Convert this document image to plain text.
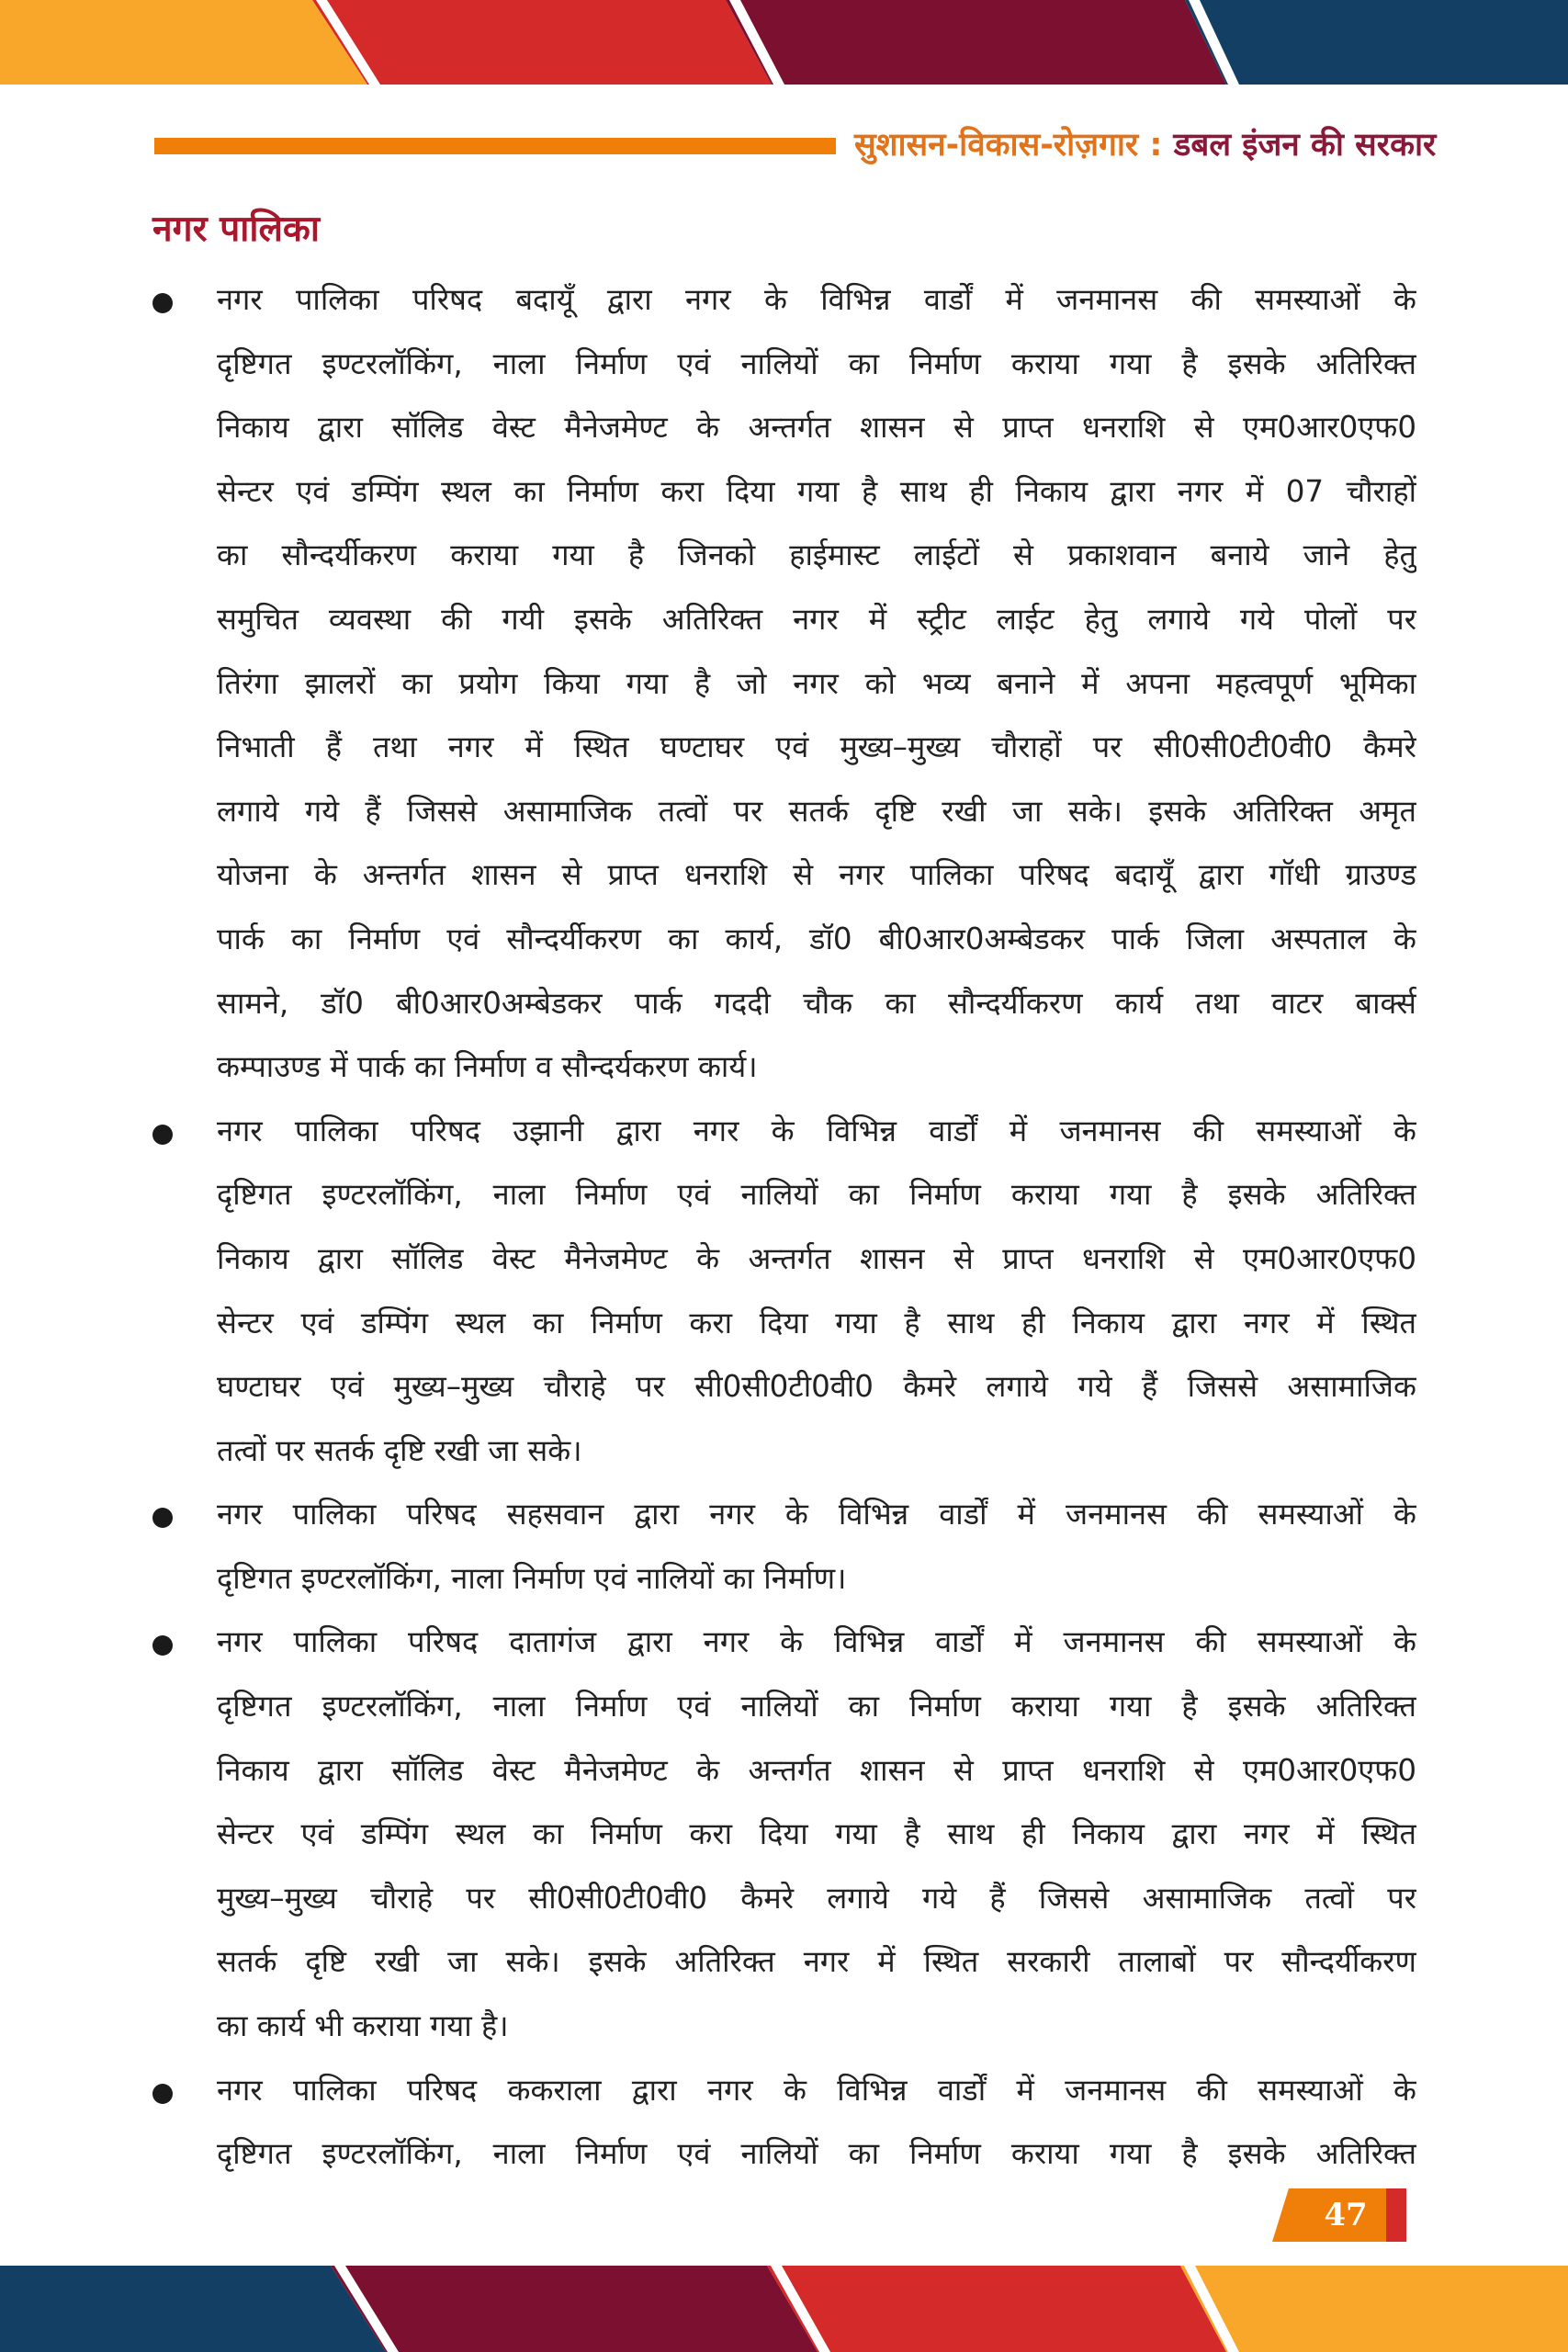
सुशासन-विकास-रोज़गार : डबल इंजन की सरकार
नगर पालिका
नगर पालिका परिषद बदायूँ द्वारा नगर के विभिन्न वार्डों में जनमानस की समस्याओं के
दृष्टिगत इण्टरलॉकिंग, नाला निर्माण एवं नालियों का निर्माण कराया गया है इसके अतिरिक्त
निकाय द्वारा सॉलिड वेस्ट मैनेजमेण्ट के अन्तर्गत शासन से प्राप्त धनराशि से एम0आर0एफ0
सेन्टर एवं डम्पिंग स्थल का निर्माण करा दिया गया है साथ ही निकाय द्वारा नगर में 07 चौराहों
का सौन्दर्यीकरण कराया गया है जिनको हाईमास्ट लाईटों से प्रकाशवान बनाये जाने हेतु
समुचित व्यवस्था की गयी इसके अतिरिक्त नगर में स्ट्रीट लाईट हेतु लगाये गये पोलों पर
तिरंगा झालरों का प्रयोग किया गया है जो नगर को भव्य बनाने में अपना महत्वपूर्ण भूमिका
निभाती हैं तथा नगर में स्थित घण्टाघर एवं मुख्य–मुख्य चौराहों पर सी0सी0टी0वी0 कैमरे
लगाये गये हैं जिससे असामाजिक तत्वों पर सतर्क दृष्टि रखी जा सके। इसके अतिरिक्त अमृत
योजना के अन्तर्गत शासन से प्राप्त धनराशि से नगर पालिका परिषद बदायूँ द्वारा गॉधी ग्राउण्ड
पार्क का निर्माण एवं सौन्दर्यीकरण का कार्य, डॉ0 बी0आर0अम्बेडकर पार्क जिला अस्पताल के
सामने, डॉ0 बी0आर0अम्बेडकर पार्क गददी चौक का सौन्दर्यीकरण कार्य तथा वाटर बार्क्स
कम्पाउण्ड में पार्क का निर्माण व सौन्दर्यकरण कार्य।
नगर पालिका परिषद उझानी द्वारा नगर के विभिन्न वार्डों में जनमानस की समस्याओं के
दृष्टिगत इण्टरलॉकिंग, नाला निर्माण एवं नालियों का निर्माण कराया गया है इसके अतिरिक्त
निकाय द्वारा सॉलिड वेस्ट मैनेजमेण्ट के अन्तर्गत शासन से प्राप्त धनराशि से एम0आर0एफ0
सेन्टर एवं डम्पिंग स्थल का निर्माण करा दिया गया है साथ ही निकाय द्वारा नगर में स्थित
घण्टाघर एवं मुख्य–मुख्य चौराहे पर सी0सी0टी0वी0 कैमरे लगाये गये हैं जिससे असामाजिक
तत्वों पर सतर्क दृष्टि रखी जा सके।
नगर पालिका परिषद सहसवान द्वारा नगर के विभिन्न वार्डों में जनमानस की समस्याओं के
दृष्टिगत इण्टरलॉकिंग, नाला निर्माण एवं नालियों का निर्माण।
नगर पालिका परिषद दातागंज द्वारा नगर के विभिन्न वार्डों में जनमानस की समस्याओं के
दृष्टिगत इण्टरलॉकिंग, नाला निर्माण एवं नालियों का निर्माण कराया गया है इसके अतिरिक्त
निकाय द्वारा सॉलिड वेस्ट मैनेजमेण्ट के अन्तर्गत शासन से प्राप्त धनराशि से एम0आर0एफ0
सेन्टर एवं डम्पिंग स्थल का निर्माण करा दिया गया है साथ ही निकाय द्वारा नगर में स्थित
मुख्य–मुख्य चौराहे पर सी0सी0टी0वी0 कैमरे लगाये गये हैं जिससे असामाजिक तत्वों पर
सतर्क दृष्टि रखी जा सके। इसके अतिरिक्त नगर में स्थित सरकारी तालाबों पर सौन्दर्यीकरण
का कार्य भी कराया गया है।
नगर पालिका परिषद ककराला द्वारा नगर के विभिन्न वार्डों में जनमानस की समस्याओं के
दृष्टिगत इण्टरलॉकिंग, नाला निर्माण एवं नालियों का निर्माण कराया गया है इसके अतिरिक्त
47
